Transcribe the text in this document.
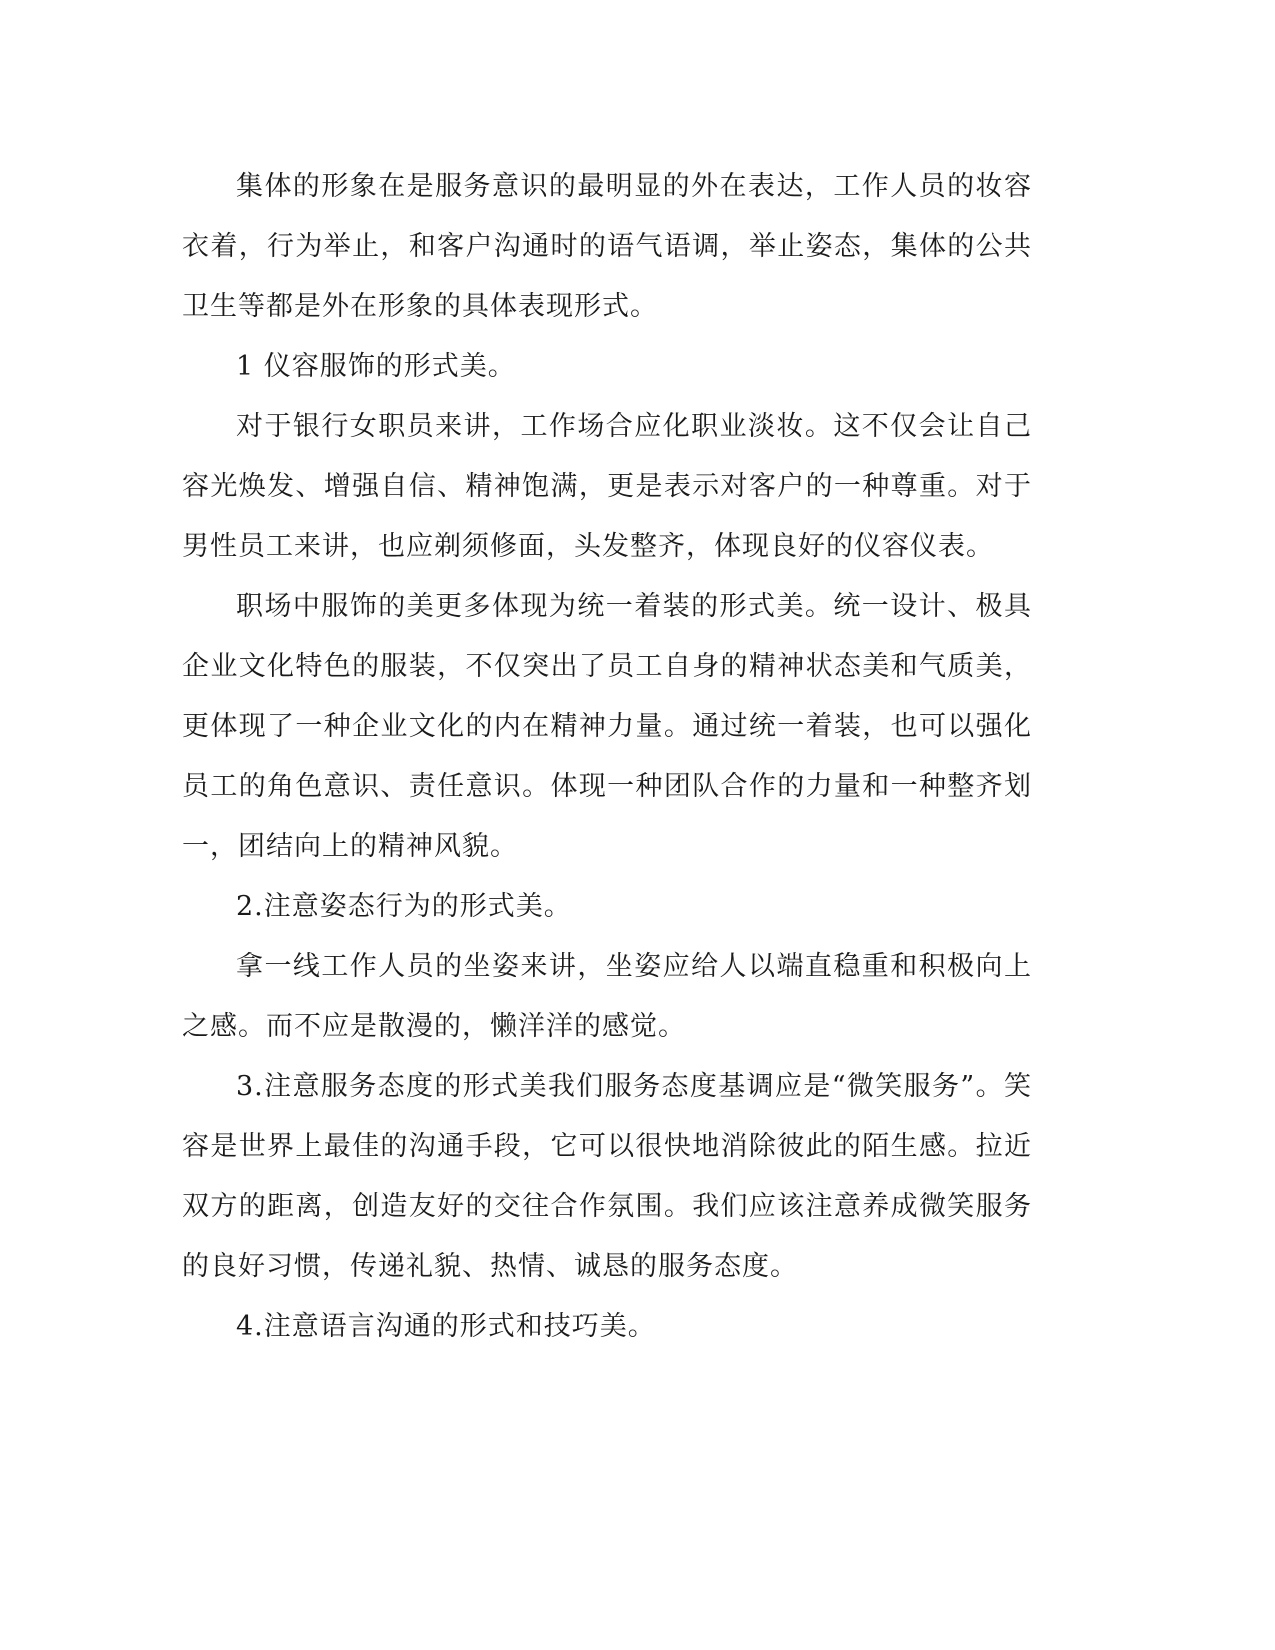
集体的形象在是服务意识的最明显的外在表达，工作人员的妆容衣着，行为举止，和客户沟通时的语气语调，举止姿态，集体的公共卫生等都是外在形象的具体表现形式。

1 仪容服饰的形式美。

对于银行女职员来讲，工作场合应化职业淡妆。这不仅会让自己容光焕发、增强自信、精神饱满，更是表示对客户的一种尊重。对于男性员工来讲，也应剃须修面，头发整齐，体现良好的仪容仪表。

职场中服饰的美更多体现为统一着装的形式美。统一设计、极具企业文化特色的服装，不仅突出了员工自身的精神状态美和气质美，更体现了一种企业文化的内在精神力量。通过统一着装，也可以强化员工的角色意识、责任意识。体现一种团队合作的力量和一种整齐划一，团结向上的精神风貌。

2.注意姿态行为的形式美。

拿一线工作人员的坐姿来讲，坐姿应给人以端直稳重和积极向上之感。而不应是散漫的，懒洋洋的感觉。

3.注意服务态度的形式美我们服务态度基调应是“微笑服务”。笑容是世界上最佳的沟通手段，它可以很快地消除彼此的陌生感。拉近双方的距离，创造友好的交往合作氛围。我们应该注意养成微笑服务的良好习惯，传递礼貌、热情、诚恳的服务态度。

4.注意语言沟通的形式和技巧美。
